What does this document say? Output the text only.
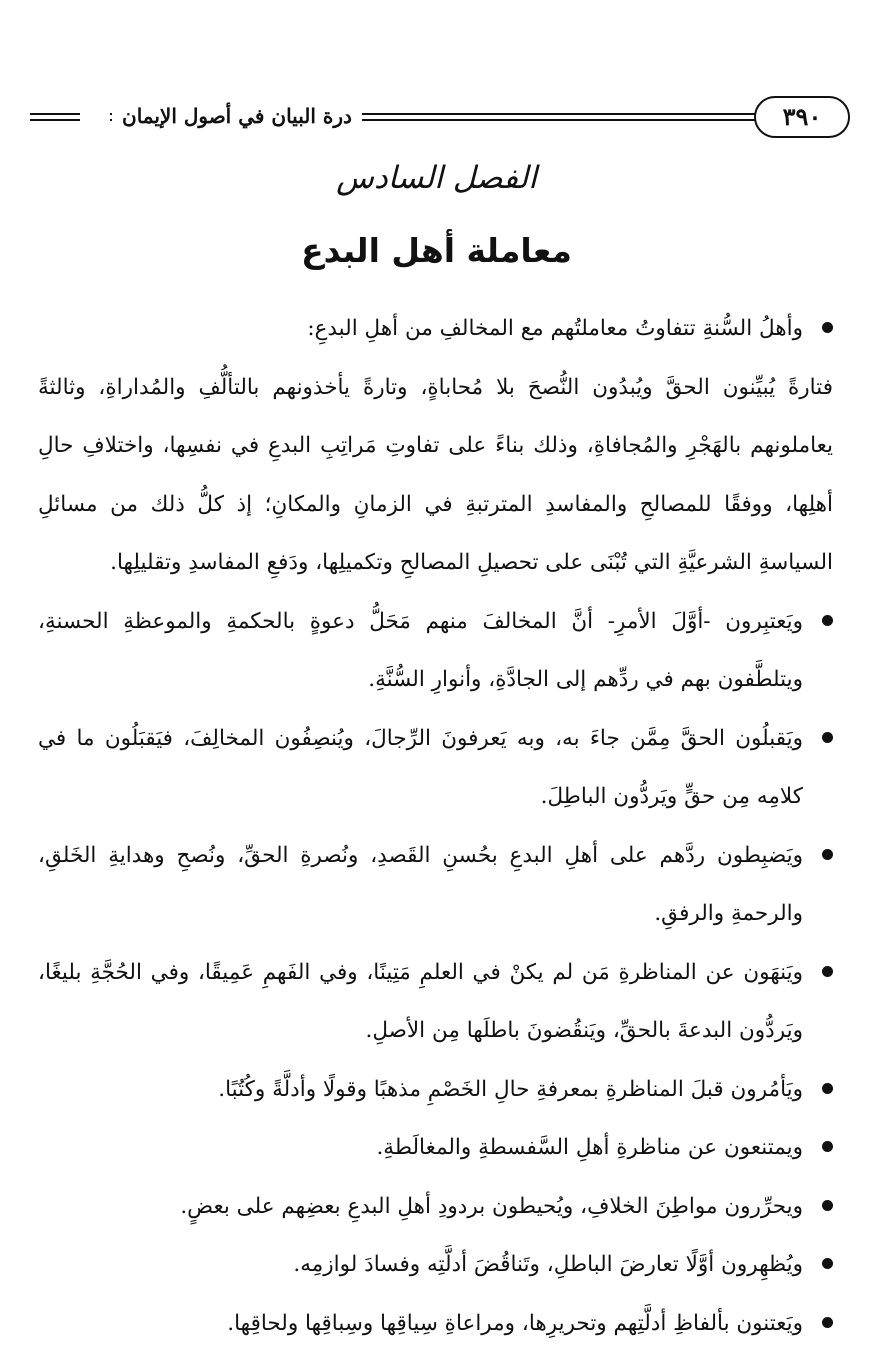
درة البيان في أصول الإيمان	٣٩٠
الفصل السادس
معاملة أهل البدع

وأهلُ السُّنةِ تتفاوتُ معاملتُهم مع المخالفِ من أهلِ البدعِ:

فتارةً يُبيِّنون الحقَّ ويُبدُون النُّصحَ بلا مُحاباةٍ، وتارةً يأخذونهم بالتألُّفِ والمُداراةِ، وثالثةً يعاملونهم بالهَجْرِ والمُجافاةِ، وذلك بناءً على تفاوتِ مَراتِبِ البدعِ في نفسِها، واختلافِ حالِ أهلِها، ووفقًا للمصالحِ والمفاسدِ المترتبةِ في الزمانِ والمكانِ؛ إذ كلُّ ذلك من مسائلِ السياسةِ الشرعيَّةِ التي تُبْنَى على تحصيلِ المصالحِ وتكميلِها، ودَفعِ المفاسدِ وتقليلِها.

ويَعتبِرون -أوَّلَ الأمرِ- أنَّ المخالفَ منهم مَحَلُّ دعوةٍ بالحكمةِ والموعظةِ الحسنةِ، ويتلطَّفون بهم في ردِّهم إلى الجادَّةِ، وأنوارِ السُّنَّةِ.

ويَقبلُون الحقَّ مِمَّن جاءَ به، وبه يَعرفونَ الرِّجالَ، ويُنصِفُون المخالِفَ، فيَقبَلُون ما في كلامِه مِن حقٍّ ويَردُّون الباطِلَ.

ويَضبِطون ردَّهم على أهلِ البدعِ بحُسنِ القَصدِ، ونُصرةِ الحقِّ، ونُصحِ وهدايةِ الخَلقِ، والرحمةِ والرفقِ.

ويَنهَون عن المناظرةِ مَن لم يكنْ في العلمِ مَتِينًا، وفي الفَهمِ عَمِيقًا، وفي الحُجَّةِ بليغًا، ويَردُّون البدعةَ بالحقِّ، ويَنقُضونَ باطلَها مِن الأصلِ.

ويَأمُرون قبلَ المناظرةِ بمعرفةِ حالِ الخَصْمِ مذهبًا وقولًا وأدلَّةً وكُتُبًا.

ويمتنعون عن مناظرةِ أهلِ السَّفسطةِ والمغالَطةِ.

ويحرِّرون مواطِنَ الخلافِ، ويُحيطون بردودِ أهلِ البدعِ بعضِهم على بعضٍ.

ويُظهِرون أوَّلًا تعارضَ الباطلِ، وتَناقُضَ أدلَّتِه وفسادَ لوازمِه.

ويَعتنون بألفاظِ أدلَّتِهم وتحريرِها، ومراعاةِ سِياقِها وسِباقِها ولحاقِها.
